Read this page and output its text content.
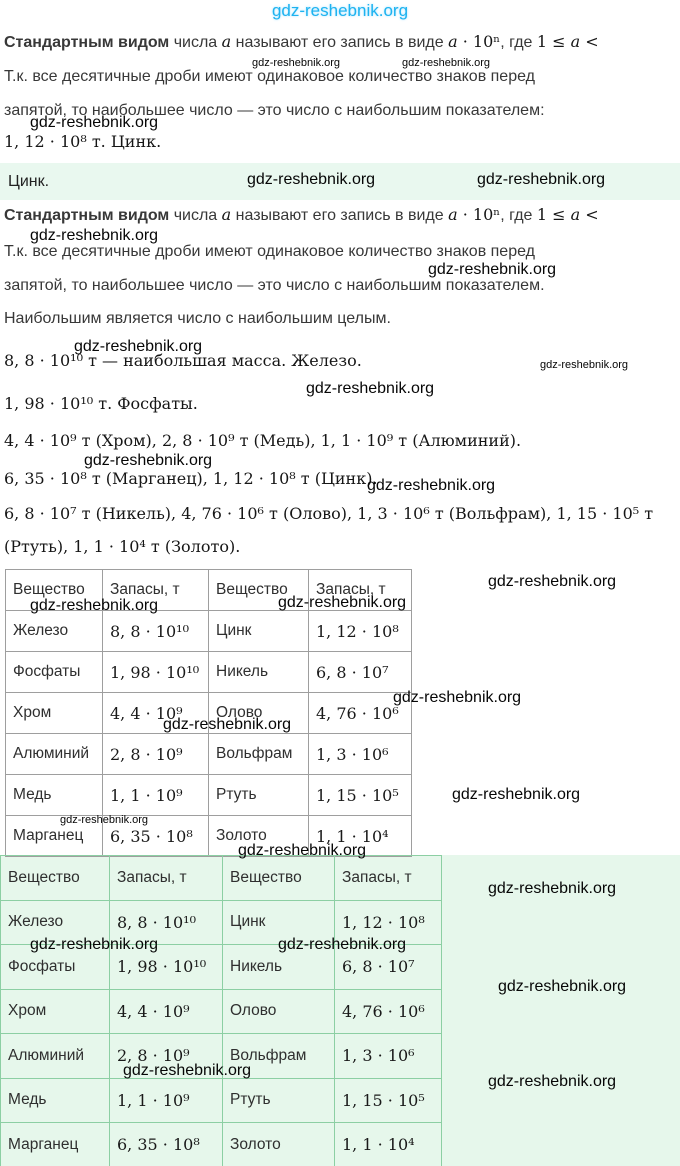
Цинк.
gdz-reshebnik.org
Стандартным видом числа a называют его запись в виде a · 10ⁿ, где 1 ≤ a <
Т.к. все десятичные дроби имеют одинаковое количество знаков перед
запятой, то наибольшее число — это число с наибольшим показателем:
1, 12 · 10⁸ т. Цинк.
Стандартным видом числа a называют его запись в виде a · 10ⁿ, где 1 ≤ a <
Т.к. все десятичные дроби имеют одинаковое количество знаков перед
запятой, то наибольшее число — это число с наибольшим показателем.
Наибольшим является число с наибольшим целым.
8, 8 · 10¹⁰ т — наибольшая масса. Железо.
1, 98 · 10¹⁰ т. Фосфаты.
4, 4 · 10⁹ т (Хром), 2, 8 · 10⁹ т (Медь), 1, 1 · 10⁹ т (Алюминий).
6, 35 · 10⁸ т (Марганец), 1, 12 · 10⁸ т (Цинк).
6, 8 · 10⁷ т (Никель), 4, 76 · 10⁶ т (Олово), 1, 3 · 10⁶ т (Вольфрам), 1, 15 · 10⁵ т
(Ртуть), 1, 1 · 10⁴ т (Золото).
Вещество	Запасы, т	Вещество	Запасы, т
Железо	8, 8 · 10¹⁰	Цинк	1, 12 · 10⁸
Фосфаты	1, 98 · 10¹⁰	Никель	6, 8 · 10⁷
Хром	4, 4 · 10⁹	Олово	4, 76 · 10⁶
Алюминий	2, 8 · 10⁹	Вольфрам	1, 3 · 10⁶
Медь	1, 1 · 10⁹	Ртуть	1, 15 · 10⁵
Марганец	6, 35 · 10⁸	Золото	1, 1 · 10⁴
Вещество	Запасы, т	Вещество	Запасы, т
Железо	8, 8 · 10¹⁰	Цинк	1, 12 · 10⁸
Фосфаты	1, 98 · 10¹⁰	Никель	6, 8 · 10⁷
Хром	4, 4 · 10⁹	Олово	4, 76 · 10⁶
Алюминий	2, 8 · 10⁹	Вольфрам	1, 3 · 10⁶
Медь	1, 1 · 10⁹	Ртуть	1, 15 · 10⁵
Марганец	6, 35 · 10⁸	Золото	1, 1 · 10⁴
gdz-reshebnik.org	gdz-reshebnik.org
gdz-reshebnik.org
gdz-reshebnik.org	gdz-reshebnik.org
gdz-reshebnik.org
gdz-reshebnik.org
gdz-reshebnik.org
gdz-reshebnik.org
gdz-reshebnik.org
gdz-reshebnik.org
gdz-reshebnik.org
gdz-reshebnik.org
gdz-reshebnik.org
gdz-reshebnik.org
gdz-reshebnik.org
gdz-reshebnik.org
gdz-reshebnik.org
gdz-reshebnik.org
gdz-reshebnik.org
gdz-reshebnik.org
gdz-reshebnik.org	gdz-reshebnik.org
gdz-reshebnik.org
gdz-reshebnik.org
gdz-reshebnik.org
